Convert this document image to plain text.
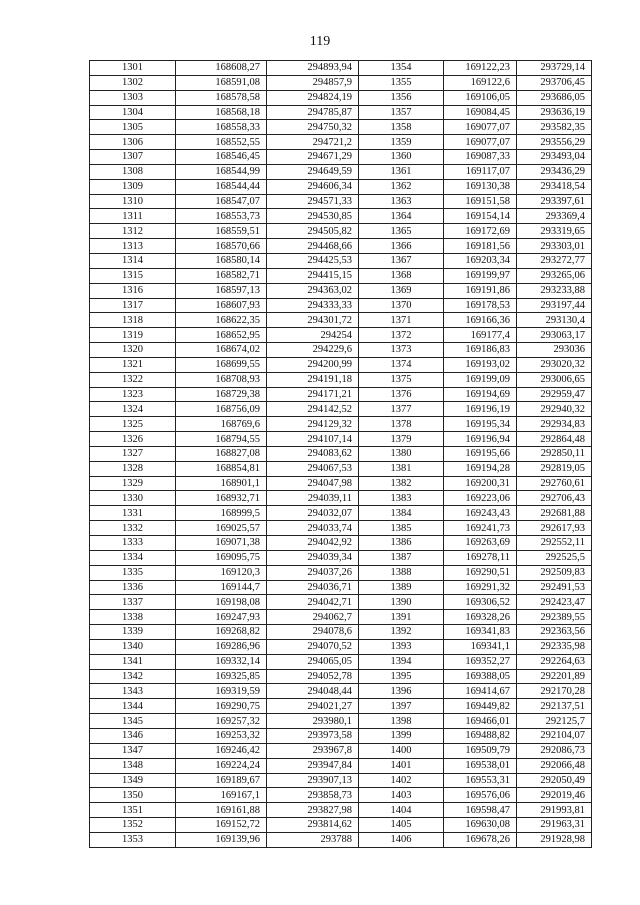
119
1301	168608,27	294893,94	1354	169122,23	293729,14
1302	168591,08	294857,9	1355	169122,6	293706,45
1303	168578,58	294824,19	1356	169106,05	293686,05
1304	168568,18	294785,87	1357	169084,45	293636,19
1305	168558,33	294750,32	1358	169077,07	293582,35
1306	168552,55	294721,2	1359	169077,07	293556,29
1307	168546,45	294671,29	1360	169087,33	293493,04
1308	168544,99	294649,59	1361	169117,07	293436,29
1309	168544,44	294606,34	1362	169130,38	293418,54
1310	168547,07	294571,33	1363	169151,58	293397,61
1311	168553,73	294530,85	1364	169154,14	293369,4
1312	168559,51	294505,82	1365	169172,69	293319,65
1313	168570,66	294468,66	1366	169181,56	293303,01
1314	168580,14	294425,53	1367	169203,34	293272,77
1315	168582,71	294415,15	1368	169199,97	293265,06
1316	168597,13	294363,02	1369	169191,86	293233,88
1317	168607,93	294333,33	1370	169178,53	293197,44
1318	168622,35	294301,72	1371	169166,36	293130,4
1319	168652,95	294254	1372	169177,4	293063,17
1320	168674,02	294229,6	1373	169186,83	293036
1321	168699,55	294200,99	1374	169193,02	293020,32
1322	168708,93	294191,18	1375	169199,09	293006,65
1323	168729,38	294171,21	1376	169194,69	292959,47
1324	168756,09	294142,52	1377	169196,19	292940,32
1325	168769,6	294129,32	1378	169195,34	292934,83
1326	168794,55	294107,14	1379	169196,94	292864,48
1327	168827,08	294083,62	1380	169195,66	292850,11
1328	168854,81	294067,53	1381	169194,28	292819,05
1329	168901,1	294047,98	1382	169200,31	292760,61
1330	168932,71	294039,11	1383	169223,06	292706,43
1331	168999,5	294032,07	1384	169243,43	292681,88
1332	169025,57	294033,74	1385	169241,73	292617,93
1333	169071,38	294042,92	1386	169263,69	292552,11
1334	169095,75	294039,34	1387	169278,11	292525,5
1335	169120,3	294037,26	1388	169290,51	292509,83
1336	169144,7	294036,71	1389	169291,32	292491,53
1337	169198,08	294042,71	1390	169306,52	292423,47
1338	169247,93	294062,7	1391	169328,26	292389,55
1339	169268,82	294078,6	1392	169341,83	292363,56
1340	169286,96	294070,52	1393	169341,1	292335,98
1341	169332,14	294065,05	1394	169352,27	292264,63
1342	169325,85	294052,78	1395	169388,05	292201,89
1343	169319,59	294048,44	1396	169414,67	292170,28
1344	169290,75	294021,27	1397	169449,82	292137,51
1345	169257,32	293980,1	1398	169466,01	292125,7
1346	169253,32	293973,58	1399	169488,82	292104,07
1347	169246,42	293967,8	1400	169509,79	292086,73
1348	169224,24	293947,84	1401	169538,01	292066,48
1349	169189,67	293907,13	1402	169553,31	292050,49
1350	169167,1	293858,73	1403	169576,06	292019,46
1351	169161,88	293827,98	1404	169598,47	291993,81
1352	169152,72	293814,62	1405	169630,08	291963,31
1353	169139,96	293788	1406	169678,26	291928,98
